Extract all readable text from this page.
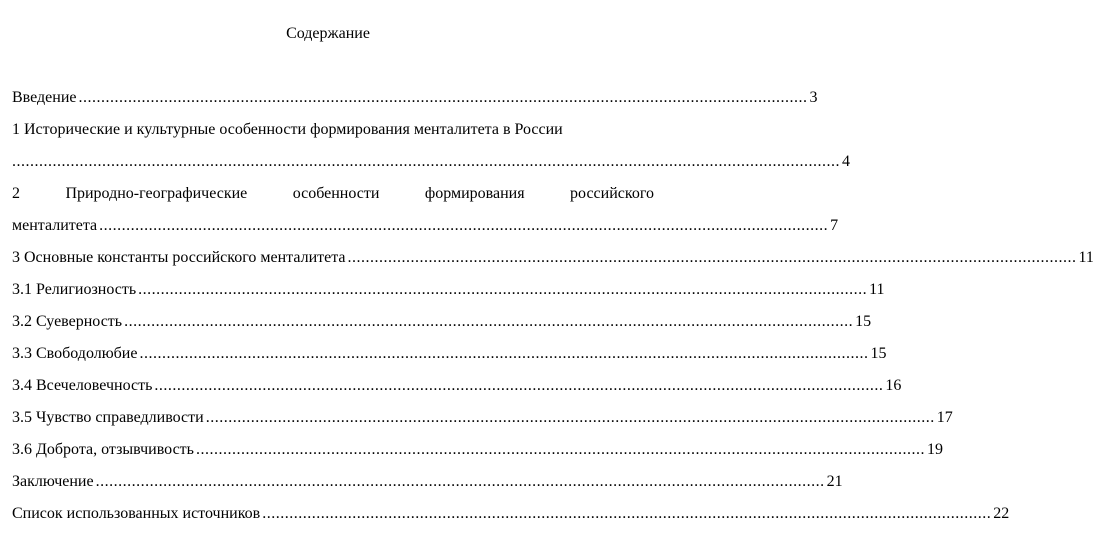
Содержание
Введение .................................................................................................................................................................. 3
1 Исторические и культурные особенности формирования менталитета в России
........................................................................................................................................................................................ 4
2 Природно-географические особенности формирования российского
менталитета .................................................................................................................................................................. 7
3 Основные константы российского менталитета .................................................................................................................................................................. 11
3.1 Религиозность .................................................................................................................................................................. 11
3.2 Суеверность .................................................................................................................................................................. 15
3.3 Свободолюбие .................................................................................................................................................................. 15
3.4 Всечеловечность .................................................................................................................................................................. 16
3.5 Чувство справедливости .................................................................................................................................................................. 17
3.6 Доброта, отзывчивость .................................................................................................................................................................. 19
Заключение .................................................................................................................................................................. 21
Список использованных источников .................................................................................................................................................................. 22
